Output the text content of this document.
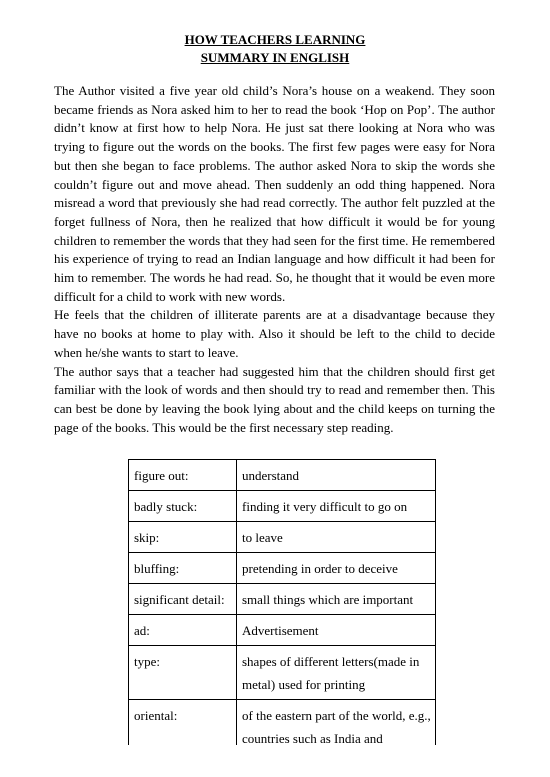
HOW TEACHERS LEARNING
SUMMARY IN ENGLISH

The Author visited a five year old child’s Nora’s house on a weakend. They soon became friends as Nora asked him to her to read the book ‘Hop on Pop’. The author didn’t know at first how to help Nora. He just sat there looking at Nora who was trying to figure out the words on the books. The first few pages were easy for Nora but then she began to face problems. The author asked Nora to skip the words she couldn’t figure out and move ahead. Then suddenly an odd thing happened. Nora misread a word that previously she had read correctly. The author felt puzzled at the forget fullness of Nora, then he realized that how difficult it would be for young children to remember the words that they had seen for the first time. He remembered his experience of trying to read an Indian language and how difficult it had been for him to remember. The words he had read. So, he thought that it would be even more difficult for a child to work with new words.

He feels that the children of illiterate parents are at a disadvantage because they have no books at home to play with. Also it should be left to the child to decide when he/she wants to start to leave.

The author says that a teacher had suggested him that the children should first get familiar with the look of words and then should try to read and remember then. This can best be done by leaving the book lying about and the child keeps on turning the page of the books. This would be the first necessary step reading.

figure out:	understand
badly stuck:	finding it very difficult to go on
skip:	to leave
bluffing:	pretending in order to deceive
significant detail:	small things which are important
ad:	Advertisement
type:	shapes of different letters(made in metal) used for printing
oriental:	of the eastern part of the world, e.g., countries such as India and
